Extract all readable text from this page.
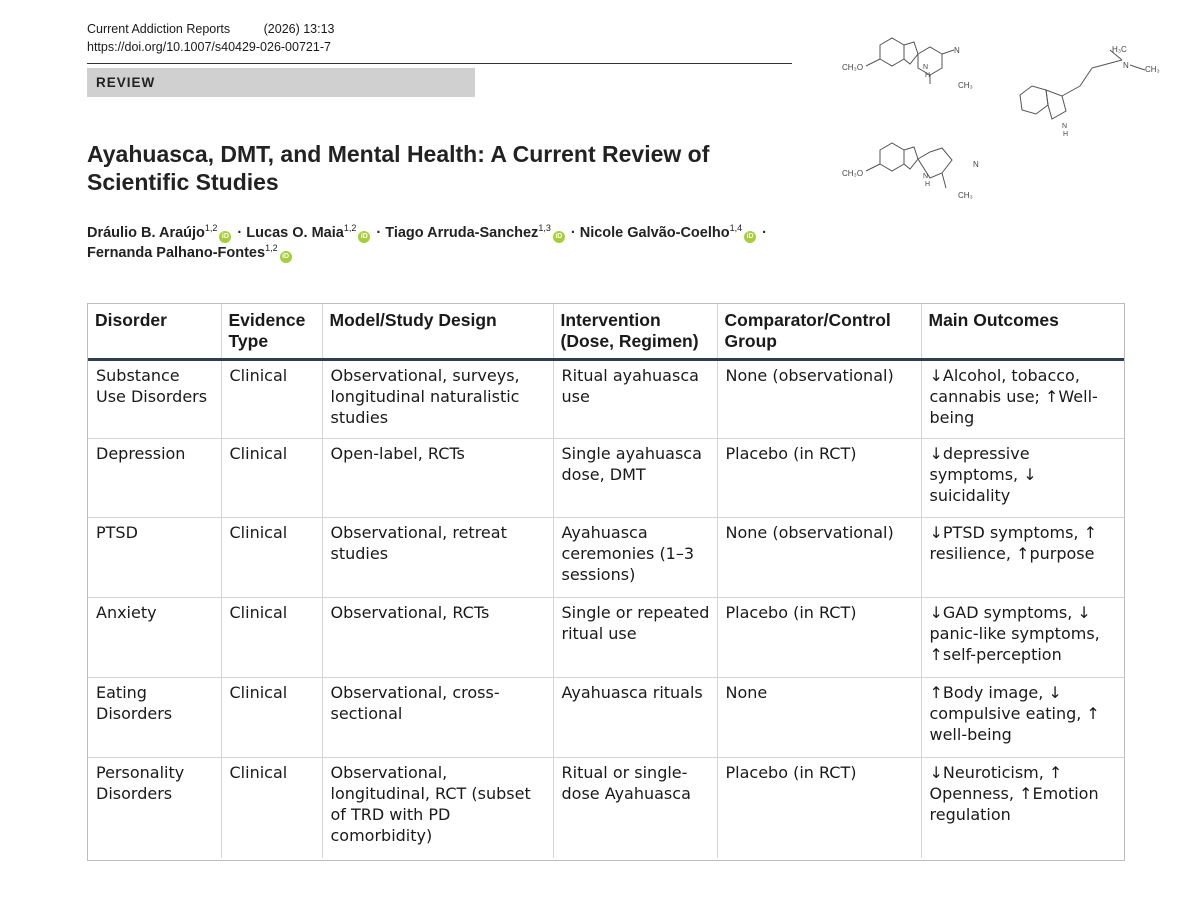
Current Addiction Reports	(2026) 13:13
https://doi.org/10.1007/s40429-026-00721-7
REVIEW
Ayahuasca, DMT, and Mental Health: A Current Review of Scientific Studies
Dráulio B. Araújo$^{1,2}$iD · Lucas O. Maia$^{1,2}$iD · Tiago Arruda-Sanchez$^{1,3}$iD · Nicole Galvão-Coelho$^{1,4}$iD ·
Fernanda Palhano-Fontes$^{1,2}$iD
CH₃O
N
N
H
CH₃
CH₃O
N
N
H
CH₃
H₃C
N CH₃
N
H
Disorder	Evidence Type	Model/Study Design	Intervention (Dose, Regimen)	Comparator/Control Group	Main Outcomes
Substance Use Disorders	Clinical	Observational, surveys, longitudinal naturalistic studies	Ritual ayahuasca use	None (observational)	↓Alcohol, tobacco, cannabis use; ↑Well-being
Depression	Clinical	Open-label, RCTs	Single ayahuasca dose, DMT	Placebo (in RCT)	↓depressive symptoms, ↓ suicidality
PTSD	Clinical	Observational, retreat studies	Ayahuasca ceremonies (1–3 sessions)	None (observational)	↓PTSD symptoms, ↑ resilience, ↑purpose
Anxiety	Clinical	Observational, RCTs	Single or repeated ritual use	Placebo (in RCT)	↓GAD symptoms, ↓ panic-like symptoms, ↑self-perception
Eating Disorders	Clinical	Observational, cross-sectional	Ayahuasca rituals	None	↑Body image, ↓ compulsive eating, ↑ well-being
Personality Disorders	Clinical	Observational, longitudinal, RCT (subset of TRD with PD comorbidity)	Ritual or single-dose Ayahuasca	Placebo (in RCT)	↓Neuroticism, ↑ Openness, ↑Emotion regulation
